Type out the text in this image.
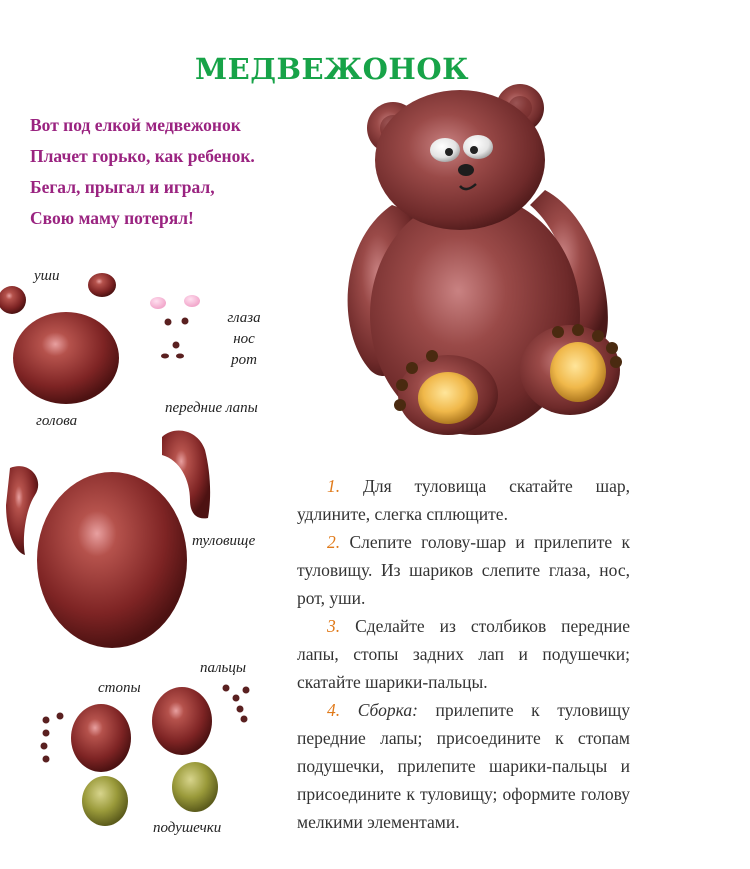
МЕДВЕЖОНОК
Вот под елкой медвежонок
Плачет горько, как ребенок.
Бегал, прыгал и играл,
Свою маму потерял!
уши
глаза
нос
рот
голова
передние лапы
туловище
пальцы
стопы
подушечки

1. Для туловища скатайте шар, удлините, слегка сплющите.

2. Слепите голову-шар и прилепите к туловищу. Из шариков слепите глаза, нос, рот, уши.

3. Сделайте из столбиков передние лапы, стопы задних лап и подушечки; скатайте шарики-пальцы.

4. Сборка: прилепите к туловищу передние лапы; присоедините к стопам подушечки, прилепите шарики-пальцы и присоедините к туловищу; оформите голову мелкими элементами.
